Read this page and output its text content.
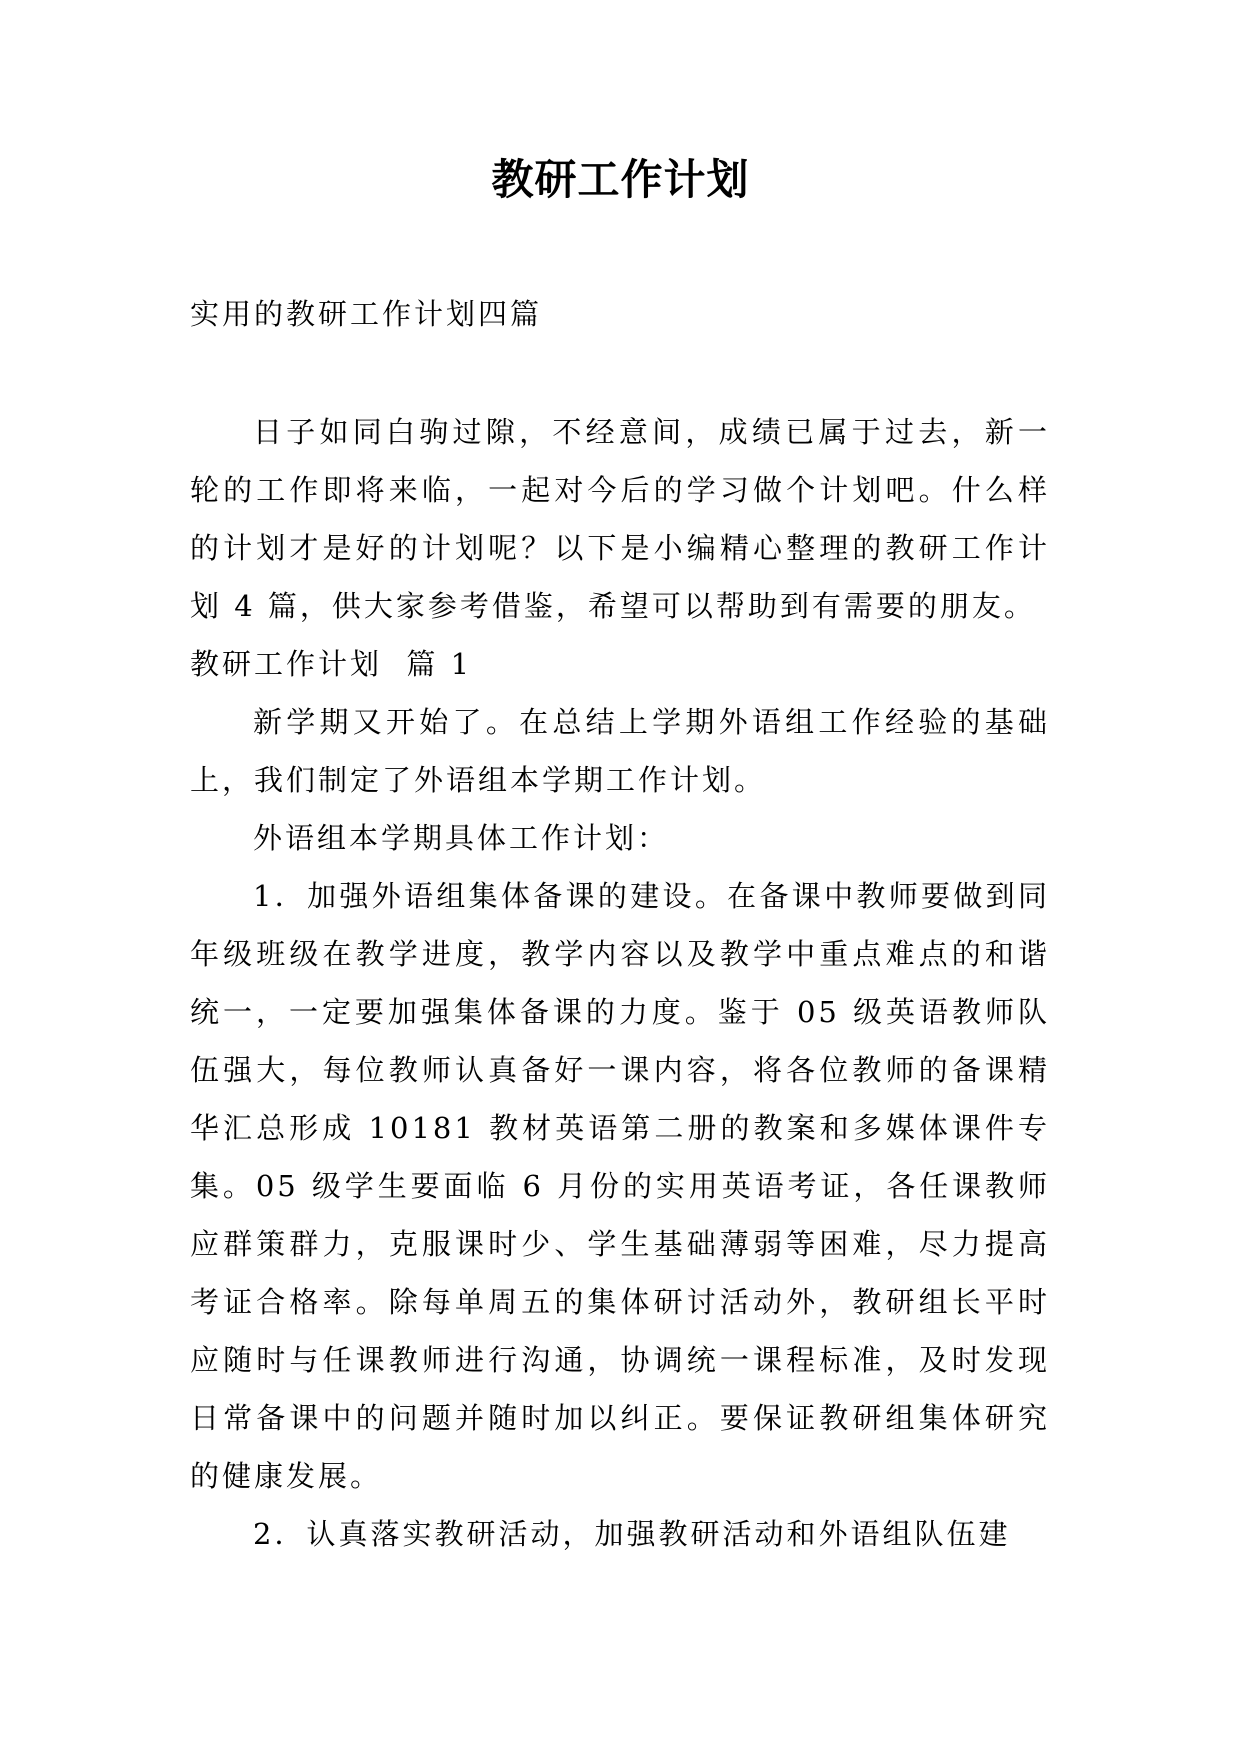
教研工作计划
实用的教研工作计划四篇

日子如同白驹过隙，不经意间，成绩已属于过去，新一轮的工作即将来临，一起对今后的学习做个计划吧。什么样的计划才是好的计划呢？以下是小编精心整理的教研工作计划 4 篇，供大家参考借鉴，希望可以帮助到有需要的朋友。

教研工作计划  篇 1

新学期又开始了。在总结上学期外语组工作经验的基础上，我们制定了外语组本学期工作计划。

外语组本学期具体工作计划：

1．加强外语组集体备课的建设。在备课中教师要做到同年级班级在教学进度，教学内容以及教学中重点难点的和谐统一，一定要加强集体备课的力度。鉴于 05 级英语教师队伍强大，每位教师认真备好一课内容，将各位教师的备课精华汇总形成 10181 教材英语第二册的教案和多媒体课件专集。05 级学生要面临 6 月份的实用英语考证，各任课教师应群策群力，克服课时少、学生基础薄弱等困难，尽力提高考证合格率。除每单周五的集体研讨活动外，教研组长平时应随时与任课教师进行沟通，协调统一课程标准，及时发现日常备课中的问题并随时加以纠正。要保证教研组集体研究的健康发展。

2．认真落实教研活动，加强教研活动和外语组队伍建
